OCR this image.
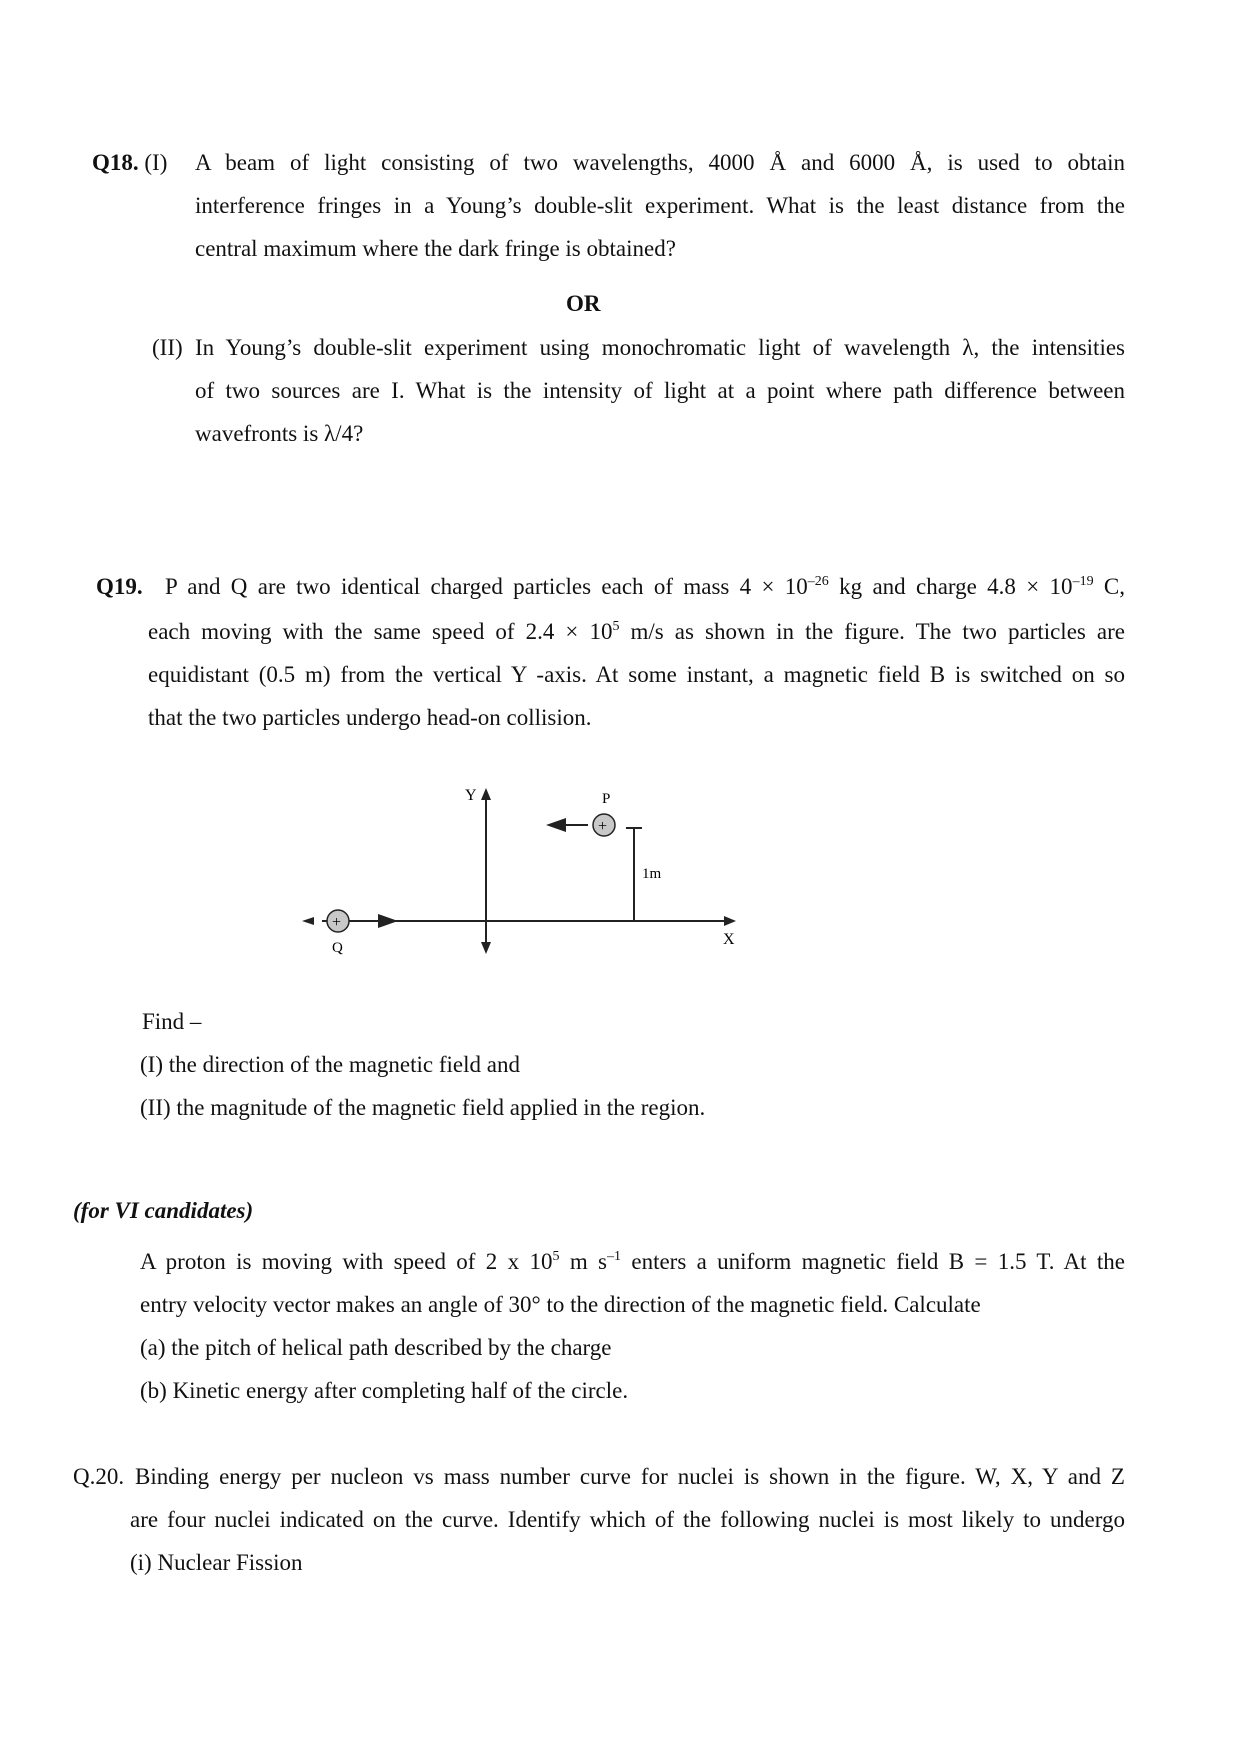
Q18. (I) A beam of light consisting of two wavelengths, 4000 Å and 6000 Å, is used to obtain
interference fringes in a Young’s double-slit experiment. What is the least distance from the
central maximum where the dark fringe is obtained?
OR
(II) In Young’s double-slit experiment using monochromatic light of wavelength λ, the intensities
of two sources are I. What is the intensity of light at a point where path difference between
wavefronts is λ/4?
Q19. P and Q are two identical charged particles each of mass $4 \times 10^{-26}$ kg and charge $4.8 \times 10^{-19}$ C,
each moving with the same speed of $2.4 \times 10^5$ m/s as shown in the figure. The two particles are
equidistant (0.5 m) from the vertical Y -axis. At some instant, a magnetic field B is switched on so
that the two particles undergo head-on collision.
Y
X
P
+
1m
+
Q
Find –
(I) the direction of the magnetic field and
(II) the magnitude of the magnetic field applied in the region.
(for VI candidates)
A proton is moving with speed of 2 x $10^5$ m $s^{-1}$ enters a uniform magnetic field B = 1.5 T. At the
entry velocity vector makes an angle of 30° to the direction of the magnetic field. Calculate
(a) the pitch of helical path described by the charge
(b) Kinetic energy after completing half of the circle.
Q.20. Binding energy per nucleon vs mass number curve for nuclei is shown in the figure. W, X, Y and Z
are four nuclei indicated on the curve. Identify which of the following nuclei is most likely to undergo
(i) Nuclear Fission
